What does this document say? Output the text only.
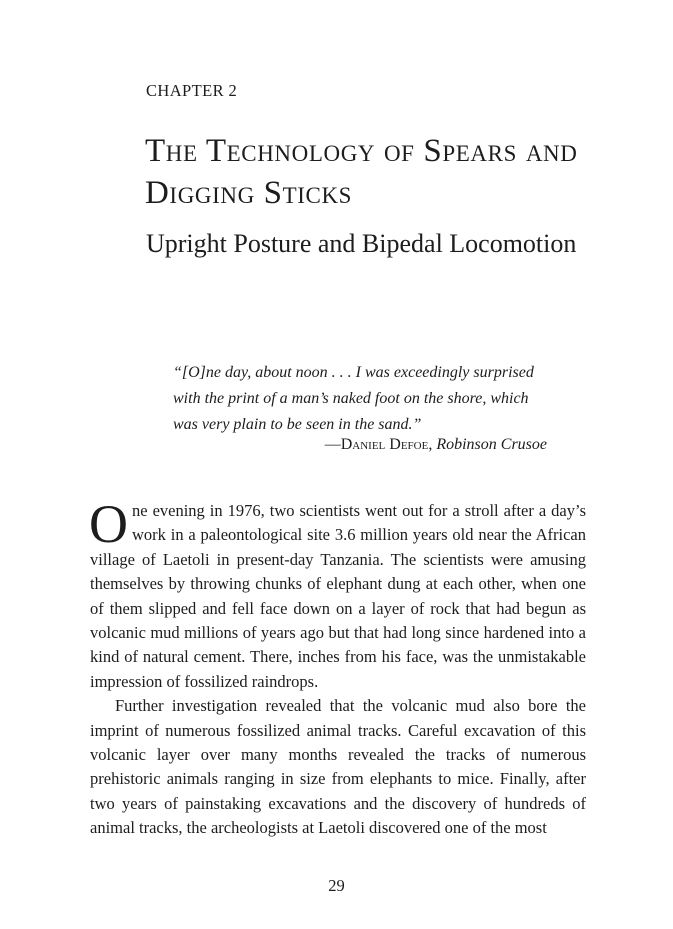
CHAPTER 2
The Technology of Spears and Digging Sticks
Upright Posture and Bipedal Locomotion
“[O]ne day, about noon . . . I was exceedingly surprised with the print of a man’s naked foot on the shore, which was very plain to be seen in the sand.”
—Daniel Defoe, Robinson Crusoe

One evening in 1976, two scientists went out for a stroll after a day’s work in a paleontological site 3.6 million years old near the African village of Laetoli in present-day Tanzania. The scientists were amusing themselves by throwing chunks of elephant dung at each other, when one of them slipped and fell face down on a layer of rock that had begun as volcanic mud millions of years ago but that had long since hardened into a kind of natural cement. There, inches from his face, was the unmistakable impression of fossilized raindrops.

Further investigation revealed that the volcanic mud also bore the imprint of numerous fossilized animal tracks. Careful excavation of this volcanic layer over many months revealed the tracks of numerous prehistoric animals ranging in size from elephants to mice. Finally, after two years of painstaking excavations and the discovery of hundreds of animal tracks, the archeologists at Laetoli discovered one of the most

29
